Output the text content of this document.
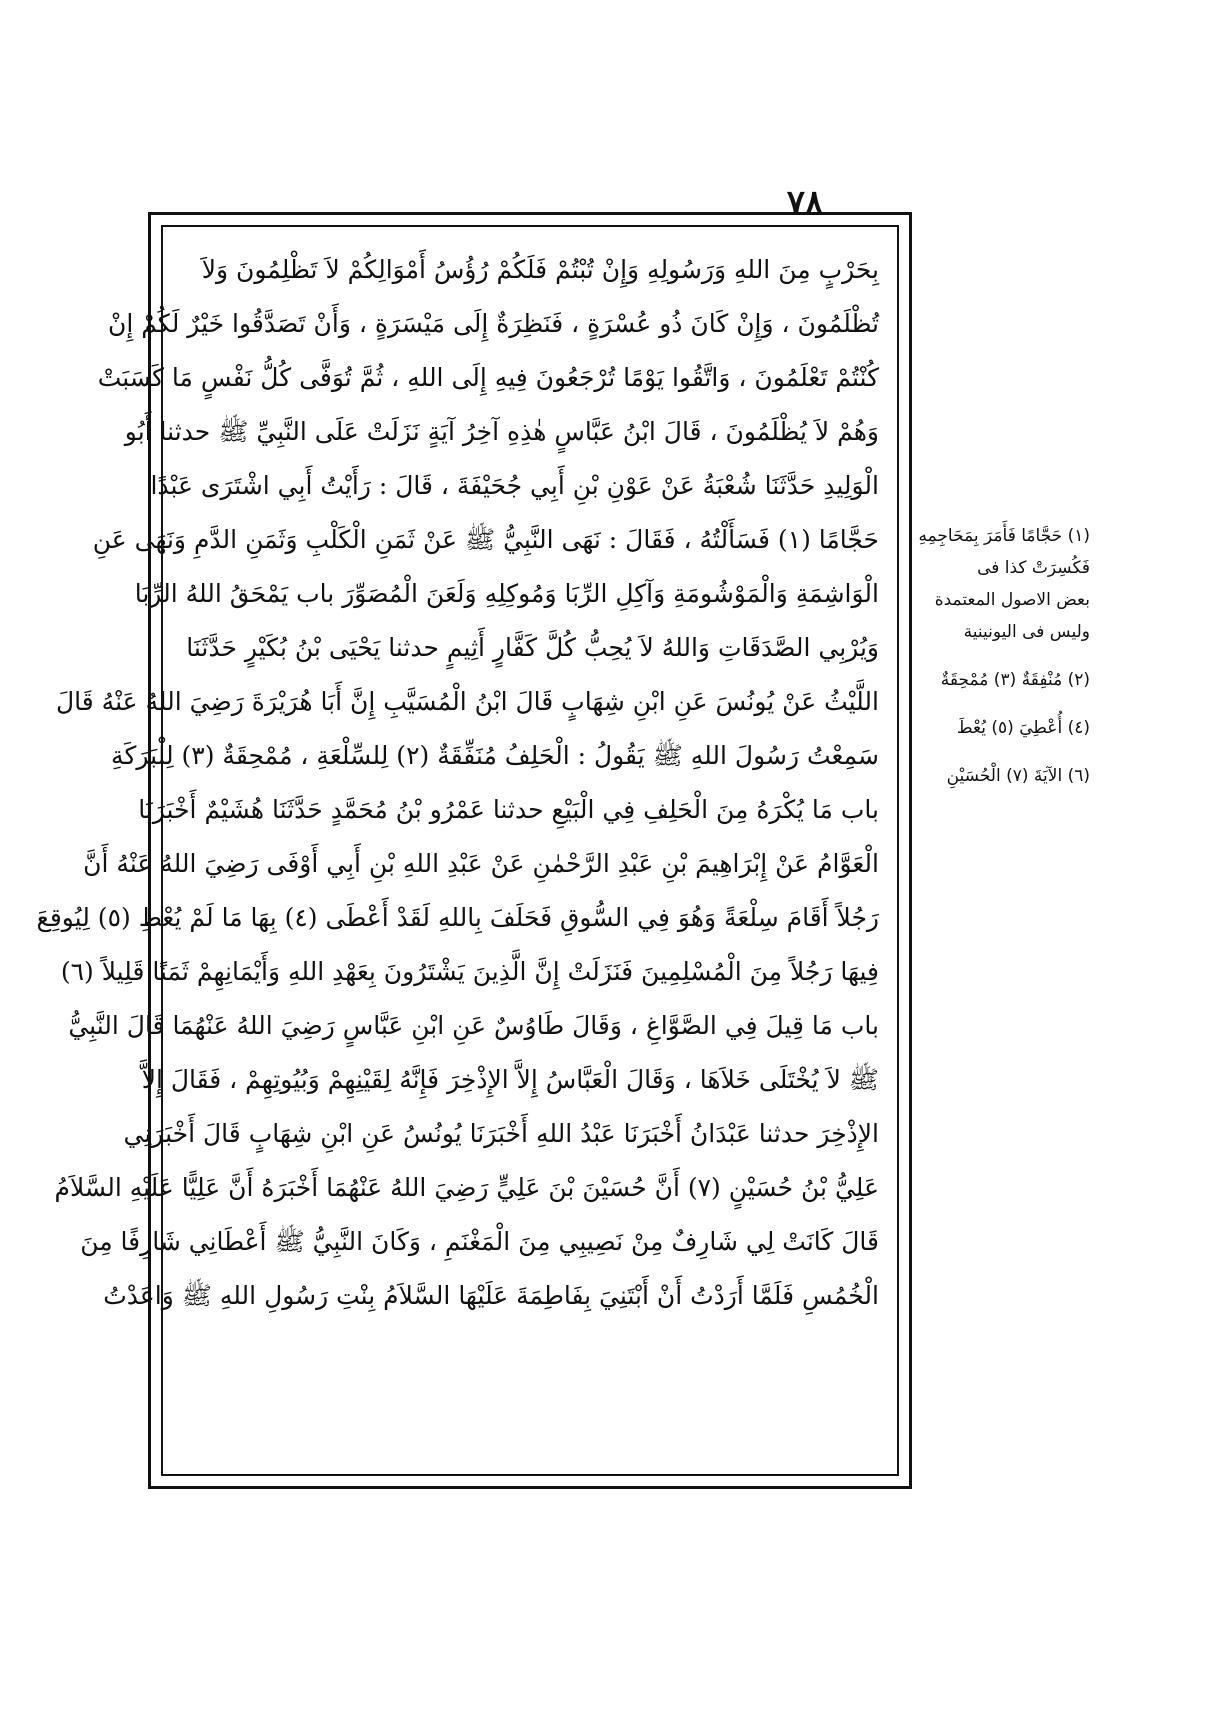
٧٨
بِحَرْبٍ مِنَ اللهِ وَرَسُولِهِ وَإِنْ تُبْتُمْ فَلَكُمْ رُؤُسُ أَمْوَالِكُمْ لاَ تَظْلِمُونَ وَلاَ
تُظْلَمُونَ ، وَإِنْ كَانَ ذُو عُسْرَةٍ ، فَنَظِرَةٌ إِلَى مَيْسَرَةٍ ، وَأَنْ تَصَدَّقُوا خَيْرٌ لَكُمْ إِنْ
كُنْتُمْ تَعْلَمُونَ ، وَاتَّقُوا يَوْمًا تُرْجَعُونَ فِيهِ إِلَى اللهِ ، ثُمَّ تُوَفَّى كُلُّ نَفْسٍ مَا كَسَبَتْ
وَهُمْ لاَ يُظْلَمُونَ ، قَالَ ابْنُ عَبَّاسٍ هٰذِهِ آخِرُ آيَةٍ نَزَلَتْ عَلَى النَّبِيِّ ﷺ حدثنا أَبُو
الْوَلِيدِ حَدَّثَنَا شُعْبَةُ عَنْ عَوْنِ بْنِ أَبِي جُحَيْفَةَ ، قَالَ : رَأَيْتُ أَبِي اشْتَرَى عَبْدًا
حَجَّامًا (١) فَسَأَلْتُهُ ، فَقَالَ : نَهَى النَّبِيُّ ﷺ عَنْ ثَمَنِ الْكَلْبِ وَثَمَنِ الدَّمِ وَنَهَى عَنِ
الْوَاشِمَةِ وَالْمَوْشُومَةِ وَآكِلِ الرِّبَا وَمُوكِلِهِ وَلَعَنَ الْمُصَوِّرَ باب يَمْحَقُ اللهُ الرِّبَا
وَيُرْبِي الصَّدَقَاتِ وَاللهُ لاَ يُحِبُّ كُلَّ كَفَّارٍ أَثِيمٍ حدثنا يَحْيَى بْنُ بُكَيْرٍ حَدَّثَنَا
اللَّيْثُ عَنْ يُونُسَ عَنِ ابْنِ شِهَابٍ قَالَ ابْنُ الْمُسَيَّبِ إِنَّ أَبَا هُرَيْرَةَ رَضِيَ اللهُ عَنْهُ قَالَ
سَمِعْتُ رَسُولَ اللهِ ﷺ يَقُولُ : الْحَلِفُ مُنَفِّقَةٌ (٢) لِلسِّلْعَةِ ، مُمْحِقَةٌ (٣) لِلْبَرَكَةِ
باب مَا يُكْرَهُ مِنَ الْحَلِفِ فِي الْبَيْعِ حدثنا عَمْرُو بْنُ مُحَمَّدٍ حَدَّثَنَا هُشَيْمٌ أَخْبَرَنَا
الْعَوَّامُ عَنْ إِبْرَاهِيمَ بْنِ عَبْدِ الرَّحْمٰنِ عَنْ عَبْدِ اللهِ بْنِ أَبِي أَوْفَى رَضِيَ اللهُ عَنْهُ أَنَّ
رَجُلاً أَقَامَ سِلْعَةً وَهُوَ فِي السُّوقِ فَحَلَفَ بِاللهِ لَقَدْ أَعْطَى (٤) بِهَا مَا لَمْ يُعْطِ (٥) لِيُوقِعَ
فِيهَا رَجُلاً مِنَ الْمُسْلِمِينَ فَنَزَلَتْ إِنَّ الَّذِينَ يَشْتَرُونَ بِعَهْدِ اللهِ وَأَيْمَانِهِمْ ثَمَنًا قَلِيلاً (٦)
باب مَا قِيلَ فِي الصَّوَّاغِ ، وَقَالَ طَاوُسٌ عَنِ ابْنِ عَبَّاسٍ رَضِيَ اللهُ عَنْهُمَا قَالَ النَّبِيُّ
ﷺ لاَ يُخْتَلَى خَلاَهَا ، وَقَالَ الْعَبَّاسُ إِلاَّ الإِذْخِرَ فَإِنَّهُ لِقَيْنِهِمْ وَبُيُوتِهِمْ ، فَقَالَ إِلاَّ
الإِذْخِرَ حدثنا عَبْدَانُ أَخْبَرَنَا عَبْدُ اللهِ أَخْبَرَنَا يُونُسُ عَنِ ابْنِ شِهَابٍ قَالَ أَخْبَرَنِي
عَلِيُّ بْنُ حُسَيْنٍ (٧) أَنَّ حُسَيْنَ بْنَ عَلِيٍّ رَضِيَ اللهُ عَنْهُمَا أَخْبَرَهُ أَنَّ عَلِيًّا عَلَيْهِ السَّلاَمُ
قَالَ كَانَتْ لِي شَارِفٌ مِنْ نَصِيبِي مِنَ الْمَغْنَمِ ، وَكَانَ النَّبِيُّ ﷺ أَعْطَانِي شَارِفًا مِنَ
الْخُمُسِ فَلَمَّا أَرَدْتُ أَنْ أَبْتَنِيَ بِفَاطِمَةَ عَلَيْهَا السَّلاَمُ بِنْتِ رَسُولِ اللهِ ﷺ وَاعَدْتُ
(١) حَجَّامًا فَأَمَرَ بِمَحَاجِمِهِ
فَكُسِرَتْ كذا فى
بعض الاصول المعتمدة
وليس فى اليونينية
(٢) مُنْفِقَةٌ (٣) مُمْحِقَةٌ
(٤) أُعْطِيَ (٥) يُعْطَ
(٦) الآيَةَ (٧) الْحُسَيْنِ
